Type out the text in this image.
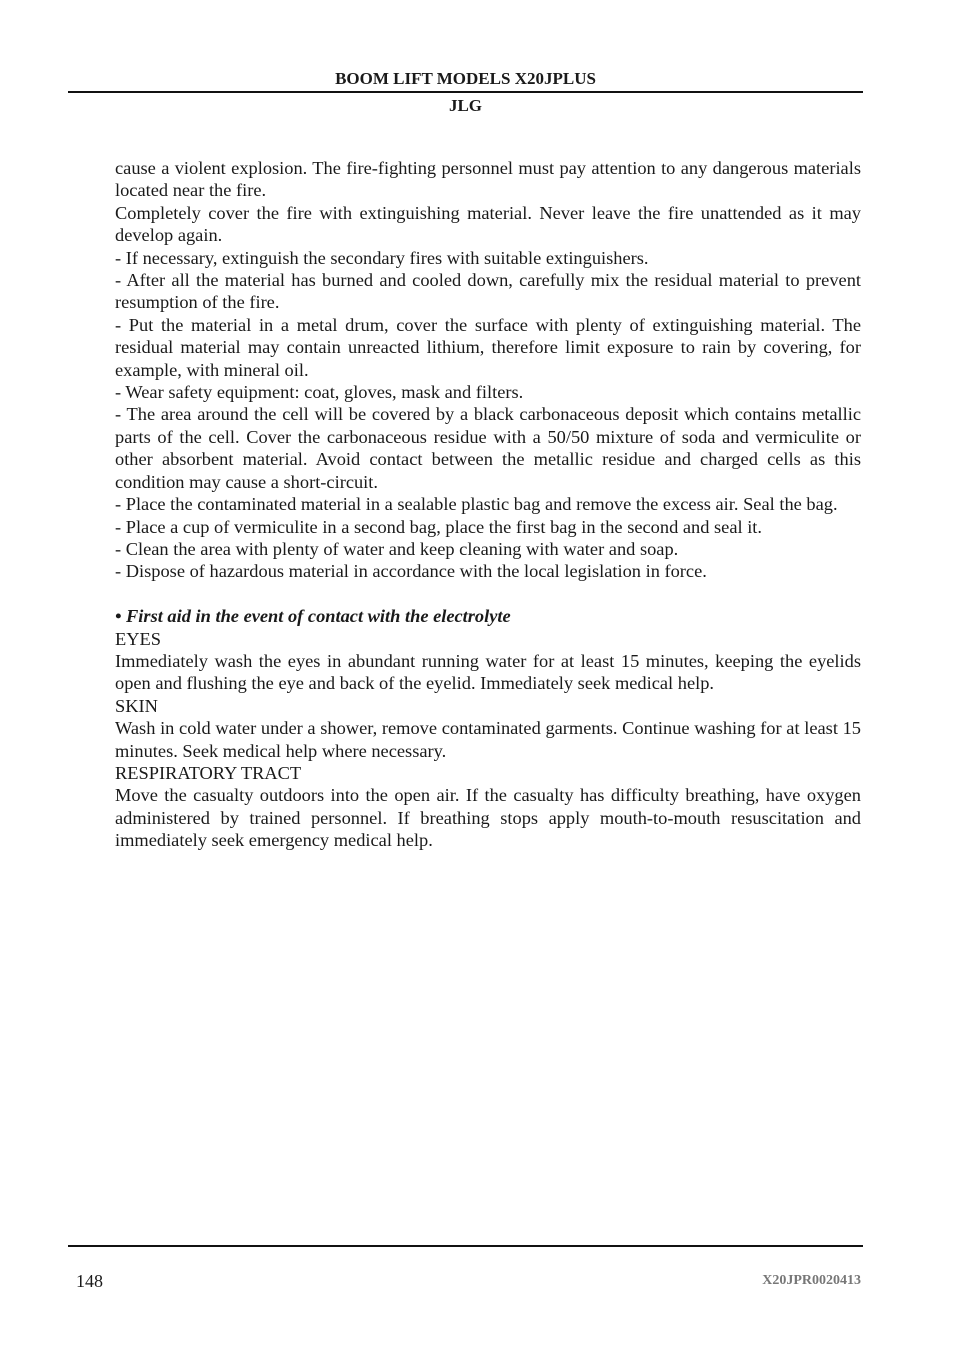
BOOM LIFT MODELS X20JPLUS
JLG

cause a violent explosion. The fire-fighting personnel must pay attention to any dangerous materials located near the fire.

Completely cover the fire with extinguishing material. Never leave the fire unattended as it may develop again.

- If necessary, extinguish the secondary fires with suitable extinguishers.

- After all the material has burned and cooled down, carefully mix the residual material to prevent resumption of the fire.

- Put the material in a metal drum, cover the surface with plenty of extinguishing material. The residual material may contain unreacted lithium, therefore limit exposure to rain by covering, for example, with mineral oil.

- Wear safety equipment: coat, gloves, mask and filters.

- The area around the cell will be covered by a black carbonaceous deposit which contains metallic parts of the cell. Cover the carbonaceous residue with a 50/50 mixture of soda and vermiculite or other absorbent material. Avoid contact between the metallic residue and charged cells as this condition may cause a short-circuit.

- Place the contaminated material in a sealable plastic bag and remove the excess air. Seal the bag.

- Place a cup of vermiculite in a second bag, place the first bag in the second and seal it.

- Clean the area with plenty of water and keep cleaning with water and soap.

- Dispose of hazardous material in accordance with the local legislation in force.

• First aid in the event of contact with the electrolyte

EYES

Immediately wash the eyes in abundant running water for at least 15 minutes, keeping the eyelids open and flushing the eye and back of the eyelid. Immediately seek medical help.

SKIN

Wash in cold water under a shower, remove contaminated garments. Continue washing for at least 15 minutes. Seek medical help where necessary.

RESPIRATORY TRACT

Move the casualty outdoors into the open air. If the casualty has difficulty breathing, have oxygen administered by trained personnel. If breathing stops apply mouth-to-mouth resuscitation and immediately seek emergency medical help.

148	X20JPR0020413
